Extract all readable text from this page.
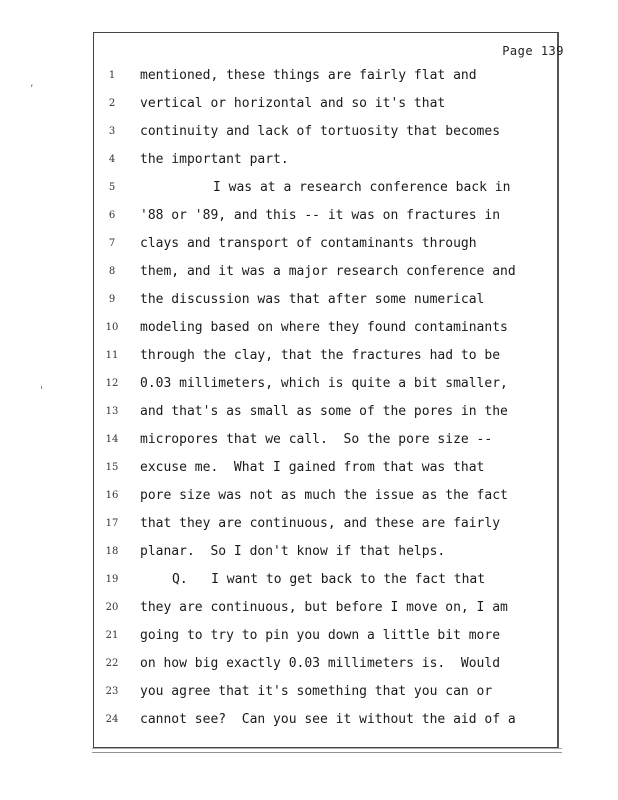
Page 139
,
'
1	mentioned, these things are fairly flat and
2	vertical or horizontal and so it's that
3	continuity and lack of tortuosity that becomes
4	the important part.
5	I was at a research conference back in
6	'88 or '89, and this -- it was on fractures in
7	clays and transport of contaminants through
8	them, and it was a major research conference and
9	the discussion was that after some numerical
10	modeling based on where they found contaminants
11	through the clay, that the fractures had to be
12	0.03 millimeters, which is quite a bit smaller,
13	and that's as small as some of the pores in the
14	micropores that we call.  So the pore size --
15	excuse me.  What I gained from that was that
16	pore size was not as much the issue as the fact
17	that they are continuous, and these are fairly
18	planar.  So I don't know if that helps.
19	Q.   I want to get back to the fact that
20	they are continuous, but before I move on, I am
21	going to try to pin you down a little bit more
22	on how big exactly 0.03 millimeters is.  Would
23	you agree that it's something that you can or
24	cannot see?  Can you see it without the aid of a
